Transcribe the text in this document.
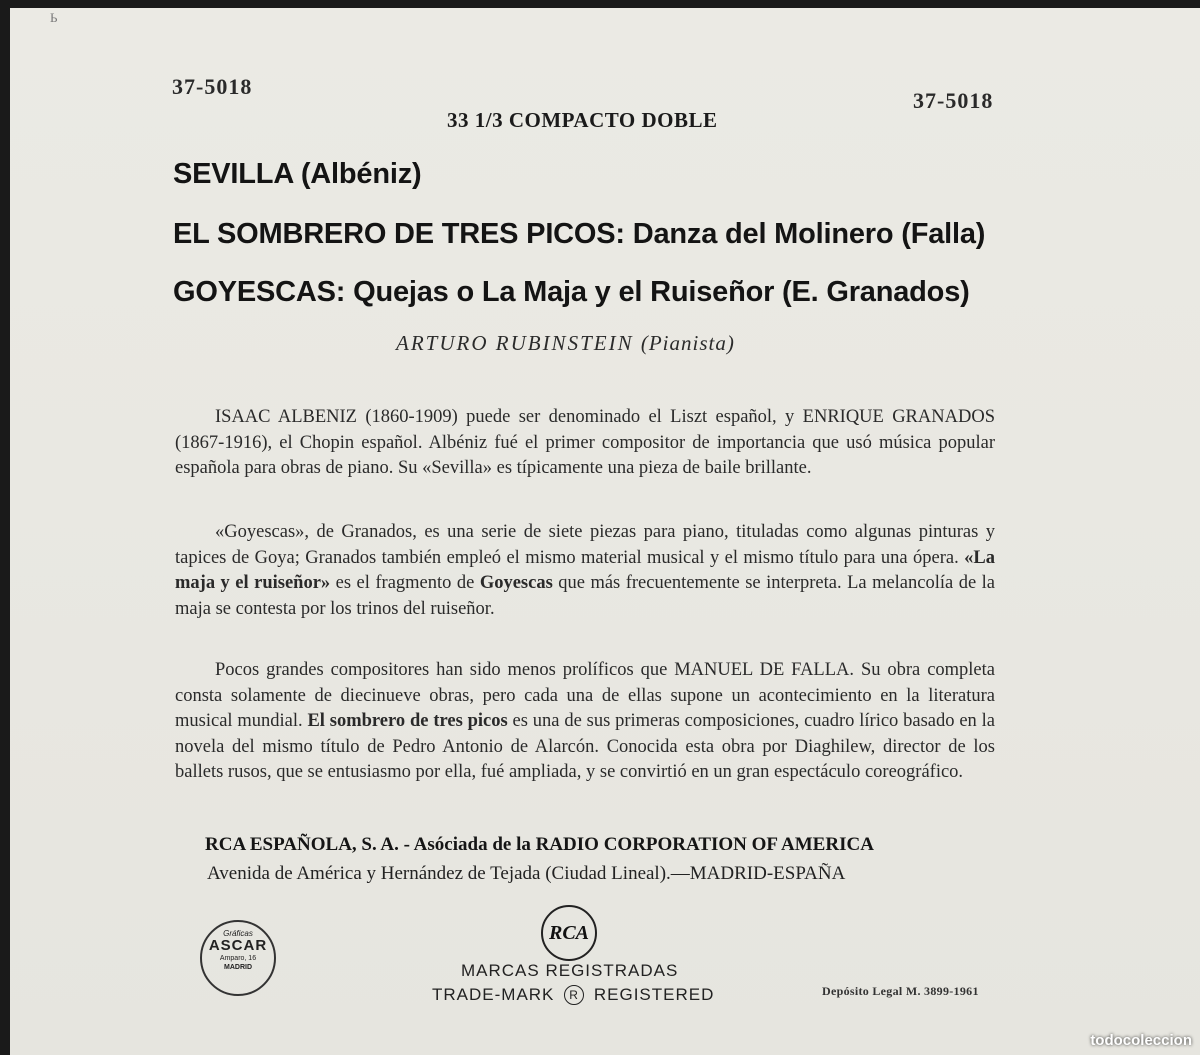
Ь
37-5018
37-5018
33 1/3 COMPACTO DOBLE
SEVILLA (Albéniz)
EL SOMBRERO DE TRES PICOS: Danza del Molinero (Falla)
GOYESCAS: Quejas o La Maja y el Ruiseñor (E. Granados)
ARTURO RUBINSTEIN (Pianista)

ISAAC ALBENIZ (1860-1909) puede ser denominado el Liszt español, y ENRIQUE GRANADOS (1867-1916), el Chopin español. Albéniz fué el primer compositor de importancia que usó música popular española para obras de piano. Su «Sevilla» es típicamente una pieza de baile brillante.

«Goyescas», de Granados, es una serie de siete piezas para piano, tituladas como algunas pinturas y tapices de Goya; Granados también empleó el mismo material musical y el mismo título para una ópera. «La maja y el ruiseñor» es el fragmento de Goyescas que más frecuentemente se interpreta. La melancolía de la maja se contesta por los trinos del ruiseñor.

Pocos grandes compositores han sido menos prolíficos que MANUEL DE FALLA. Su obra completa consta solamente de diecinueve obras, pero cada una de ellas supone un acontecimiento en la literatura musical mundial. El sombrero de tres picos es una de sus primeras composiciones, cuadro lírico basado en la novela del mismo título de Pedro Antonio de Alarcón. Conocida esta obra por Diaghilew, director de los ballets rusos, que se entusiasmo por ella, fué ampliada, y se convirtió en un gran espectáculo coreográfico.

RCA ESPAÑOLA, S. A. - Asóciada de la RADIO CORPORATION OF AMERICA
Avenida de América y Hernández de Tejada (Ciudad Lineal).—MADRID-ESPAÑA
Gráficas
ASCAR
Amparo, 16
MADRID
RCA
MARCAS REGISTRADAS
TRADE-MARK R REGISTERED	Depósito Legal M. 3899-1961
todocoleccion
